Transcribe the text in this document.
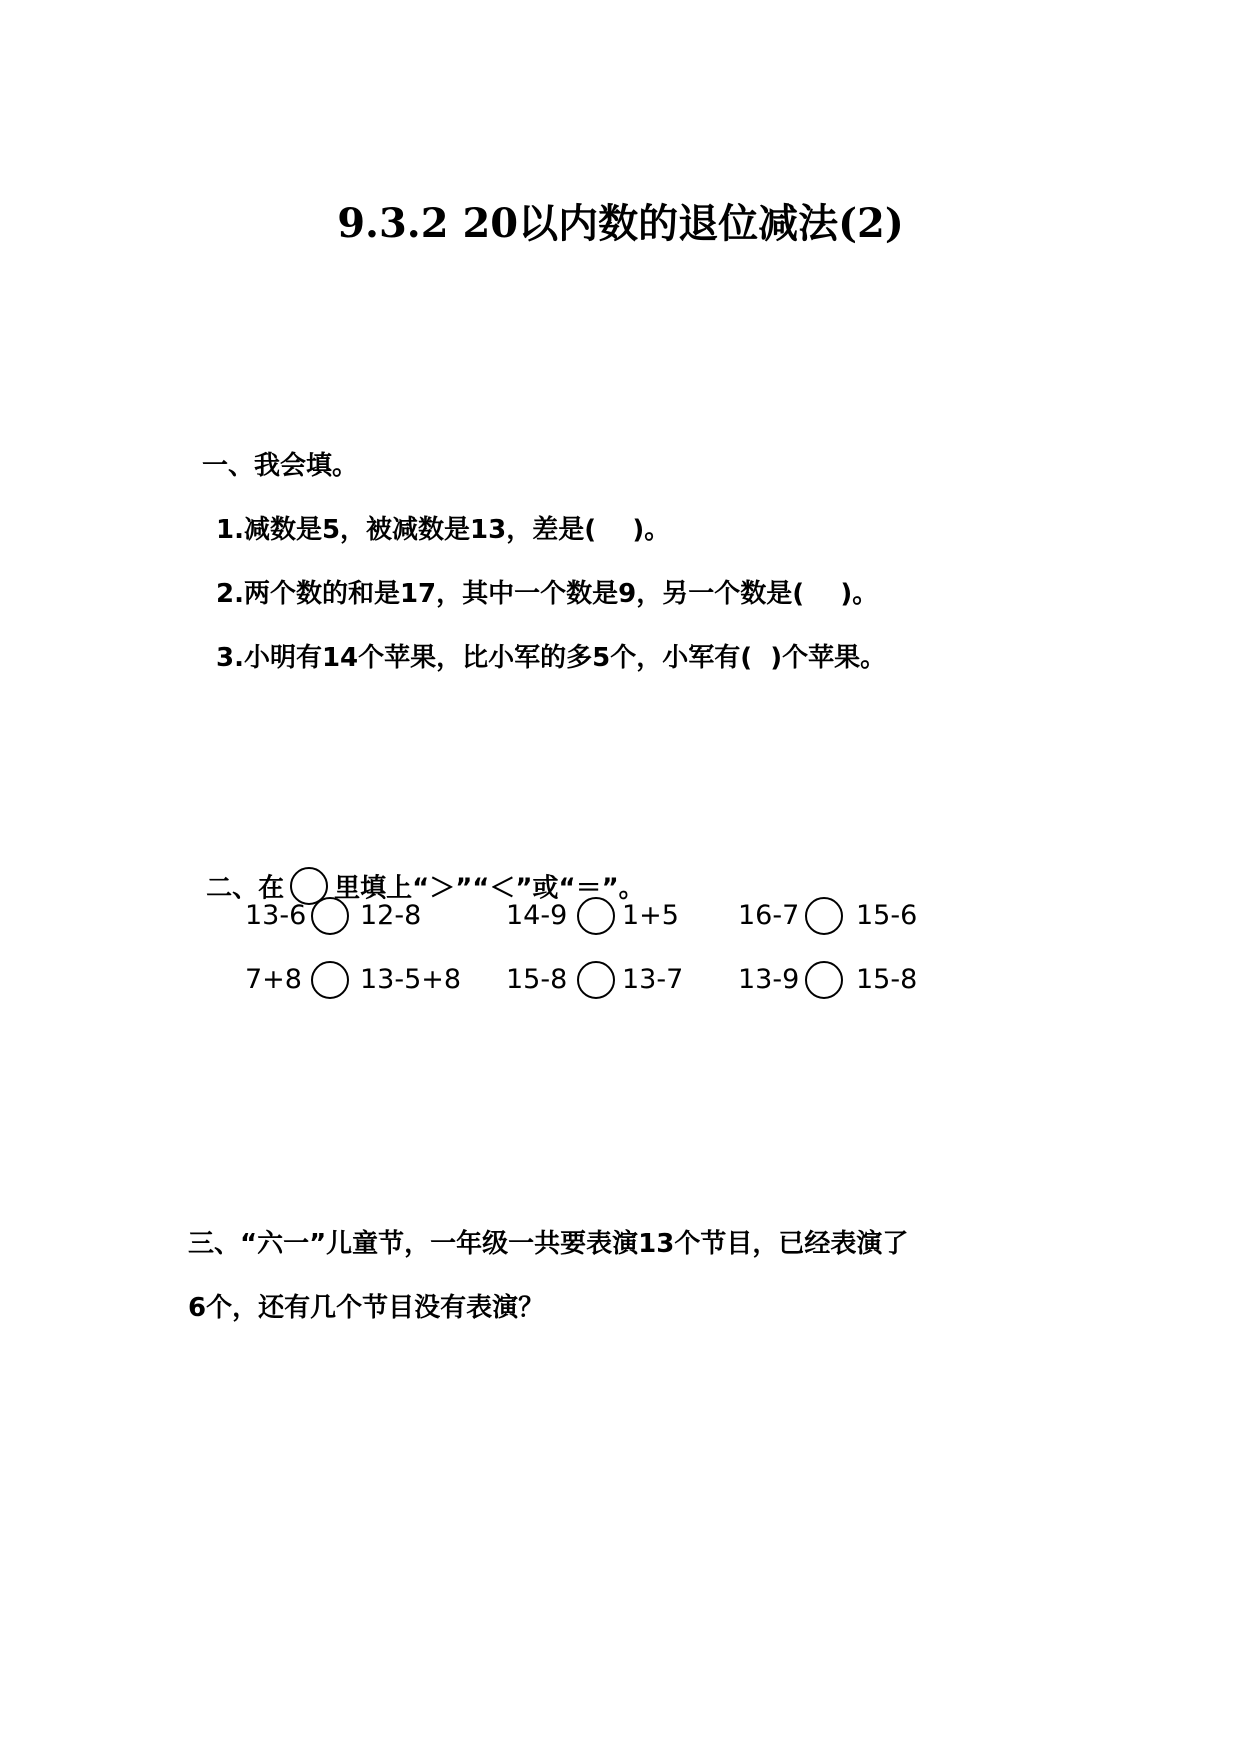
9.3.2 20以内数的退位减法(2)
一、我会填。
1.减数是5，被减数是13，差是(    )。
2.两个数的和是17，其中一个数是9，另一个数是(    )。
3.小明有14个苹果，比小军的多5个，小军有(  )个苹果。

二、在 里填上“＞”“＜”或“＝”。

13-6 12-8	14-9 1+5 16-7 15-6
7+8 13-5+8 15-8 13-7 13-9 15-8
三、“六一”儿童节，一年级一共要表演13个节目，已经表演了
6个，还有几个节目没有表演？
